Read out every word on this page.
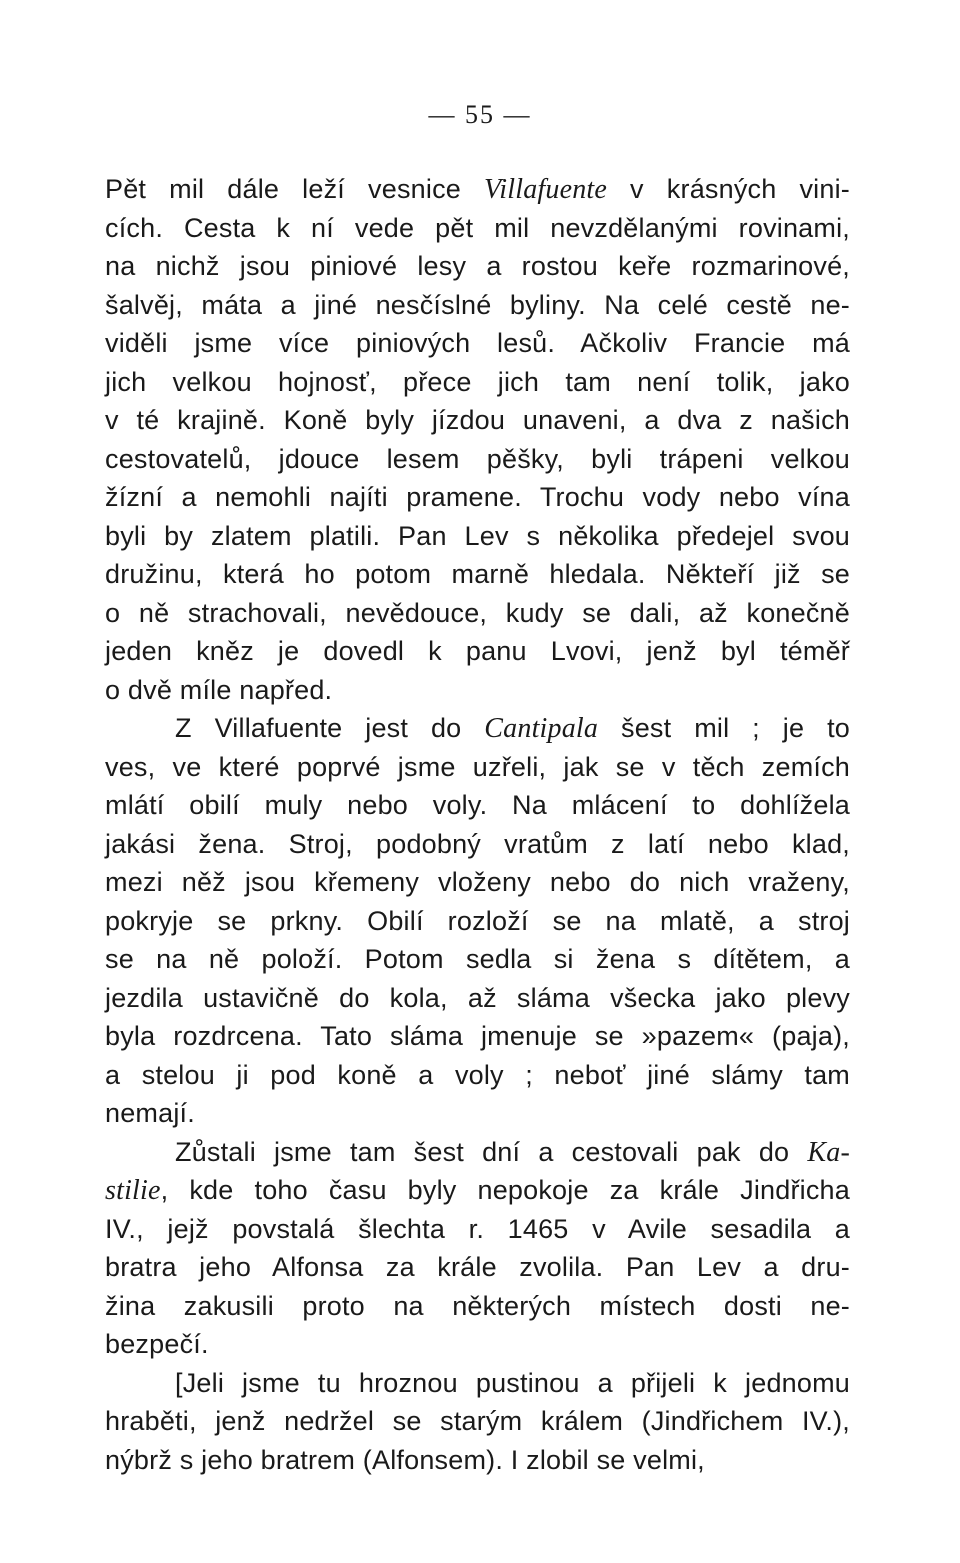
— 55 —
Pět mil dále leží vesnice Villafuente v krásných vini-
cích. Cesta k ní vede pět mil nevzdělanými rovinami,
na nichž jsou piniové lesy a rostou keře rozmarinové,
šalvěj, máta a jiné nesčíslné byliny. Na celé cestě ne-
viděli jsme více piniových lesů. Ačkoliv Francie má
jich velkou hojnosť, přece jich tam není tolik, jako
v té krajině. Koně byly jízdou unaveni, a dva z našich
cestovatelů, jdouce lesem pěšky, byli trápeni velkou
žízní a nemohli najíti pramene. Trochu vody nebo vína
byli by zlatem platili. Pan Lev s několika předejel svou
družinu, která ho potom marně hledala. Někteří již se
o ně strachovali, nevědouce, kudy se dali, až konečně
jeden kněz je dovedl k panu Lvovi, jenž byl téměř
o dvě míle napřed.
Z Villafuente jest do Cantipala šest mil ; je to
ves, ve které poprvé jsme uzřeli, jak se v těch zemích
mlátí obilí muly nebo voly. Na mlácení to dohlížela
jakási žena. Stroj, podobný vratům z latí nebo klad,
mezi něž jsou křemeny vloženy nebo do nich vraženy,
pokryje se prkny. Obilí rozloží se na mlatě, a stroj
se na ně položí. Potom sedla si žena s dítětem, a
jezdila ustavičně do kola, až sláma všecka jako plevy
byla rozdrcena. Tato sláma jmenuje se »pazem« (paja),
a stelou ji pod koně a voly ; neboť jiné slámy tam
nemají.
Zůstali jsme tam šest dní a cestovali pak do Ka-
stilie, kde toho času byly nepokoje za krále Jindřicha
IV., jejž povstalá šlechta r. 1465 v Avile sesadila a
bratra jeho Alfonsa za krále zvolila. Pan Lev a dru-
žina zakusili proto na některých místech dosti ne-
bezpečí.
[Jeli jsme tu hroznou pustinou a přijeli k jednomu
hraběti, jenž nedržel se starým králem (Jindřichem IV.),
nýbrž s jeho bratrem (Alfonsem). I zlobil se velmi,
